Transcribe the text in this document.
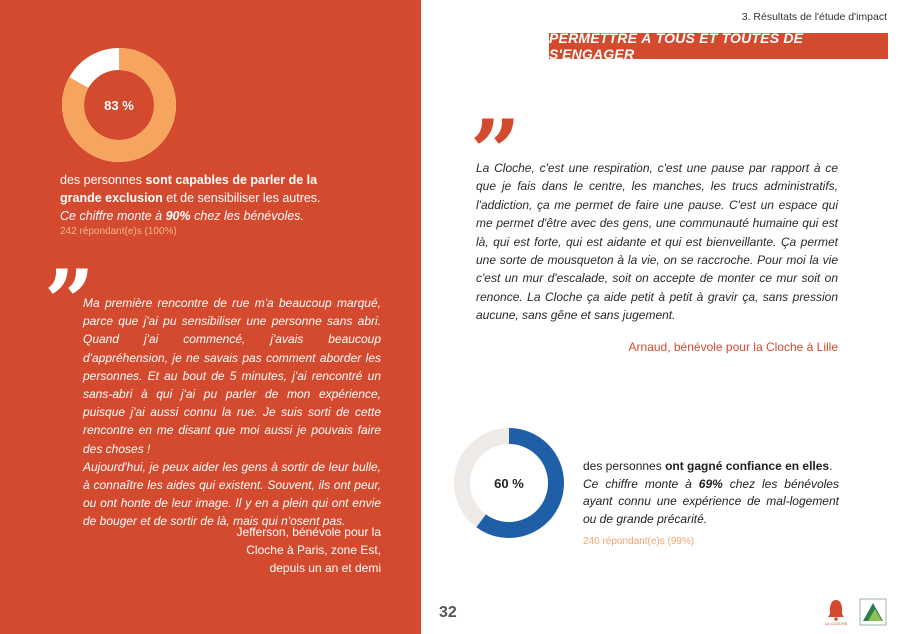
83 %
des personnes sont capables de parler de la grande exclusion et de sensibiliser les autres.
Ce chiffre monte à 90% chez les bénévoles.
242 répondant(e)s (100%)
”
Ma première rencontre de rue m'a beaucoup marqué, parce que j'ai pu sensibiliser une personne sans abri. Quand j'ai commencé, j'avais beaucoup d'appréhension, je ne savais pas comment aborder les personnes. Et au bout de 5 minutes, j'ai rencontré un sans-abri à qui j'ai pu parler de mon expérience, puisque j'ai aussi connu la rue. Je suis sorti de cette rencontre en me disant que moi aussi je pouvais faire des choses !
Aujourd'hui, je peux aider les gens à sortir de leur bulle, à connaître les aides qui existent. Souvent, ils ont peur, ou ont honte de leur image. Il y en a plein qui ont envie de bouger et de sortir de là, mais qui n'osent pas.
Jefferson, bénévole pour la Cloche à Paris, zone Est,
depuis un an et demi
3. Résultats de l'étude d'impact
PERMETTRE À TOUS ET TOUTES DE S'ENGAGER
”
La Cloche, c'est une respiration, c'est une pause par rapport à ce que je fais dans le centre, les manches, les trucs administratifs, l'addiction, ça me permet de faire une pause. C'est un espace qui me permet d'être avec des gens, une communauté humaine qui est là, qui est forte, qui est aidante et qui est bienveillante. Ça permet une sorte de mousqueton à la vie, on se raccroche. Pour moi la vie c'est un mur d'escalade, soit on accepte de monter ce mur soit on renonce. La Cloche ça aide petit à petit à gravir ça, sans pression aucune, sans gêne et sans jugement.
Arnaud, bénévole pour la Cloche à Lille
60 %
des personnes ont gagné confiance en elles.
Ce chiffre monte à 69% chez les bénévoles ayant connu une expérience de mal-logement ou de grande précarité.
240 répondant(e)s (99%)
32
LA CLOCHE
